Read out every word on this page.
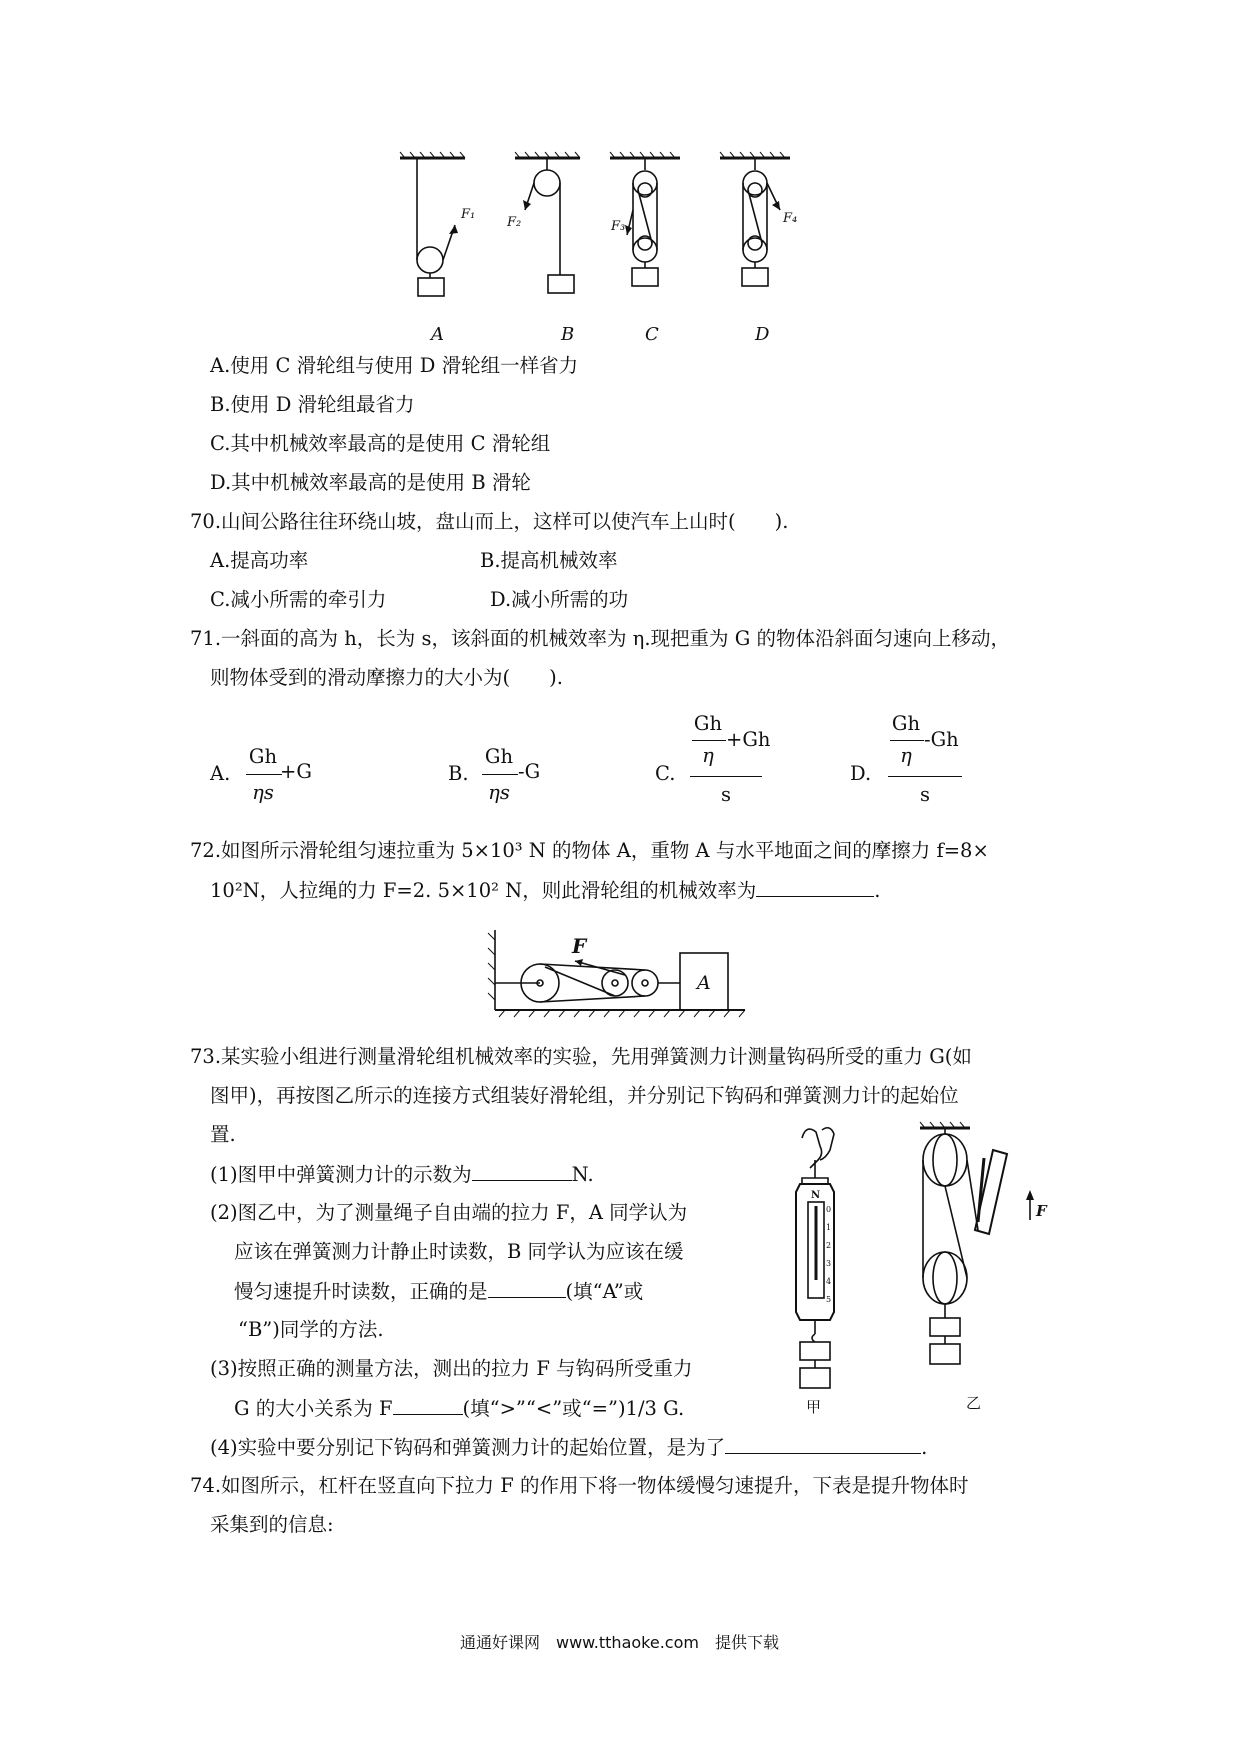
F₁
F₂	F₃
F₄
A	B	C	D
A.使用 C 滑轮组与使用 D 滑轮组一样省力
B.使用 D 滑轮组最省力
C.其中机械效率最高的是使用 C 滑轮组
D.其中机械效率最高的是使用 B 滑轮
70.山间公路往往环绕山坡，盘山而上，这样可以使汽车上山时(　　).
A.提高功率	B.提高机械效率
C.减小所需的牵引力	D.减小所需的功
71.一斜面的高为 h，长为 s，该斜面的机械效率为 η.现把重为 G 的物体沿斜面匀速向上移动，
则物体受到的滑动摩擦力的大小为(　　).
A.
Gh
ηs
+G	B.
Gh
ηs
-G	C.
Gh
η
+Gh
s
D.
Gh
η
-Gh
s
72.如图所示滑轮组匀速拉重为 5×10³ N 的物体 A，重物 A 与水平地面之间的摩擦力 f=8×
10²N，人拉绳的力 F=2. 5×10² N，则此滑轮组的机械效率为	.
F
A
73.某实验小组进行测量滑轮组机械效率的实验，先用弹簧测力计测量钩码所受的重力 G(如
图甲)，再按图乙所示的连接方式组装好滑轮组，并分别记下钩码和弹簧测力计的起始位
置.
(1)图甲中弹簧测力计的示数为	N.
(2)图乙中，为了测量绳子自由端的拉力 F，A 同学认为
应该在弹簧测力计静止时读数，B 同学认为应该在缓
慢匀速提升时读数，正确的是	(填“A”或
“B”)同学的方法.
(3)按照正确的测量方法，测出的拉力 F 与钩码所受重力
G 的大小关系为 F	(填“>”“<”或“=”)1/3 G.
(4)实验中要分别记下钩码和弹簧测力计的起始位置，是为了	.
0
1
2
3
4
5
N
F
甲	乙
74.如图所示，杠杆在竖直向下拉力 F 的作用下将一物体缓慢匀速提升，下表是提升物体时
采集到的信息:
通通好课网　www.tthaoke.com　提供下载
